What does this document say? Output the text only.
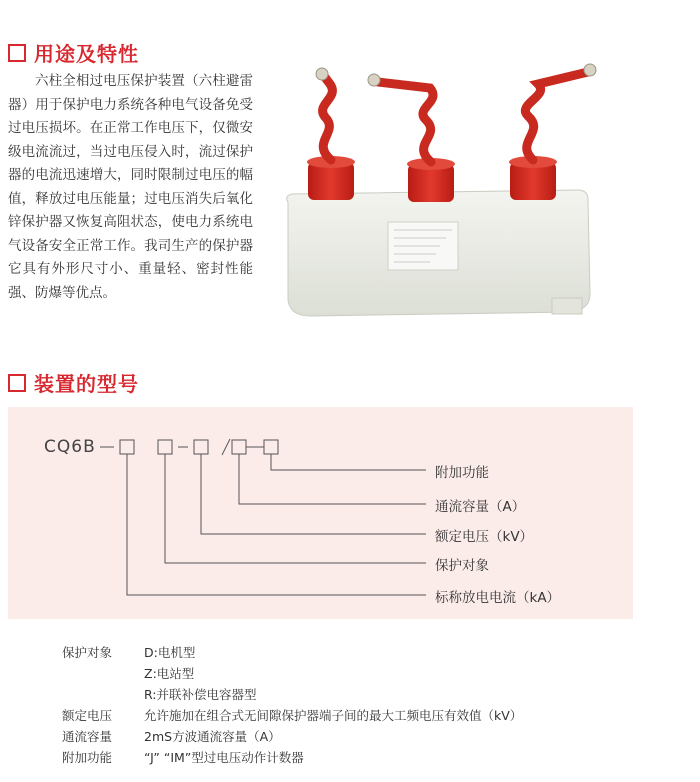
用途及特性

六柱全相过电压保护装置（六柱避雷器）用于保护电力系统各种电气设备免受过电压损坏。在正常工作电压下，仅微安级电流流过，当过电压侵入时，流过保护器的电流迅速增大，同时限制过电压的幅值，释放过电压能量；过电压消失后氧化锌保护器又恢复高阻状态，使电力系统电气设备安全正常工作。我司生产的保护器它具有外形尺寸小、重量轻、密封性能强、防爆等优点。

装置的型号
CQ6B
附加功能
通流容量（A）
额定电压（kV）
保护对象
标称放电电流（kA）
保护对象	D:电机型
Z:电站型
R:并联补偿电容器型
额定电压	允许施加在组合式无间隙保护器端子间的最大工频电压有效值（kV）
通流容量	2mS方波通流容量（A）
附加功能	“J” “IM”型过电压动作计数器
